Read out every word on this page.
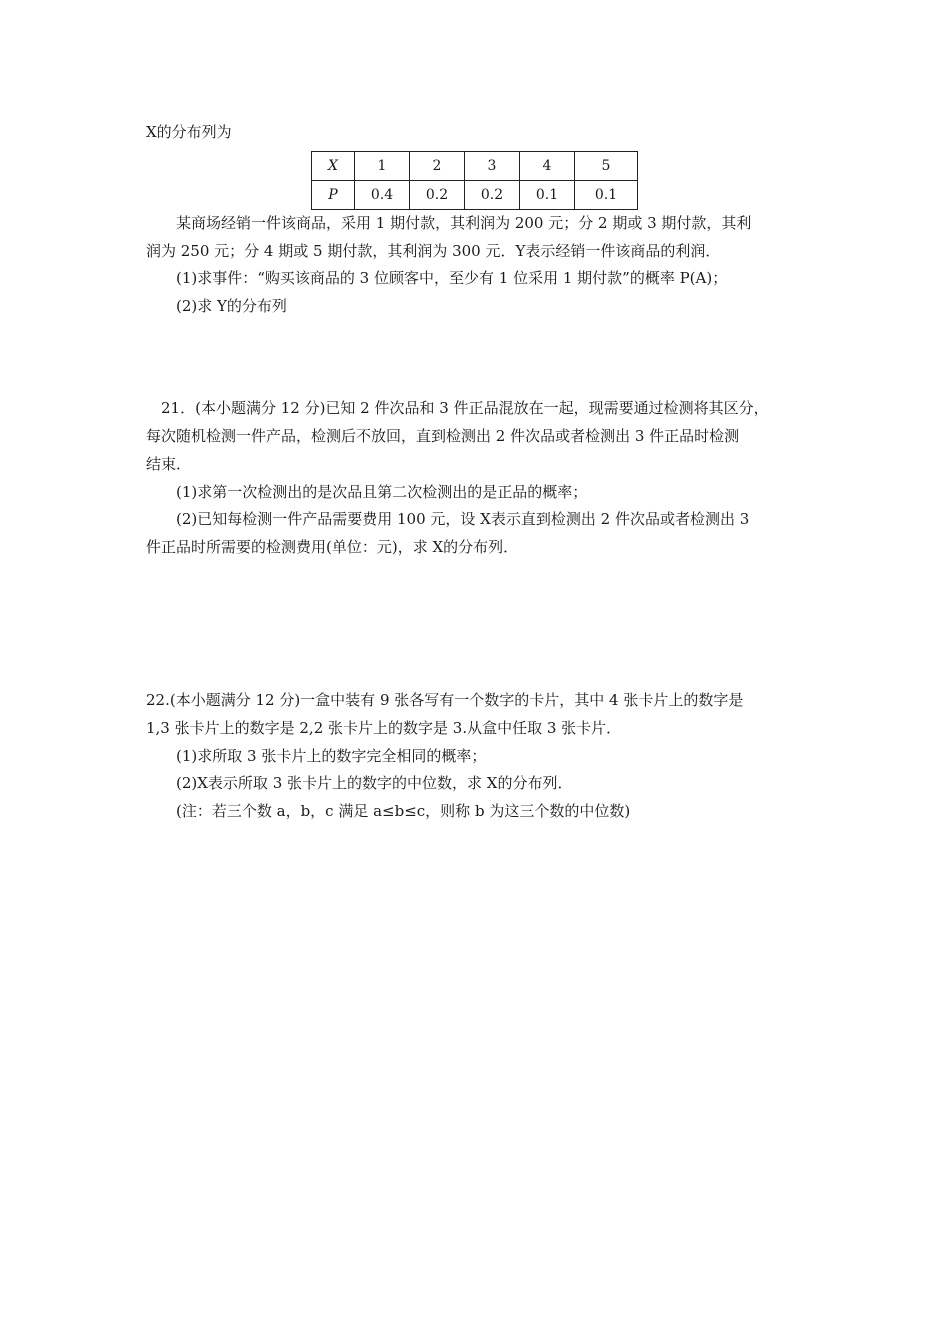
X的分布列为
X	1	2	3	4	5
P	0.4	0.2	0.2	0.1	0.1
某商场经销一件该商品，采用 1 期付款，其利润为 200 元；分 2 期或 3 期付款，其利
润为 250 元；分 4 期或 5 期付款，其利润为 300 元．Y表示经销一件该商品的利润．
(1)求事件：“购买该商品的 3 位顾客中，至少有 1 位采用 1 期付款”的概率 P(A)；
(2)求 Y的分布列
21．(本小题满分 12 分)已知 2 件次品和 3 件正品混放在一起，现需要通过检测将其区分，
每次随机检测一件产品，检测后不放回，直到检测出 2 件次品或者检测出 3 件正品时检测
结束．
(1)求第一次检测出的是次品且第二次检测出的是正品的概率；
(2)已知每检测一件产品需要费用 100 元，设 X表示直到检测出 2 件次品或者检测出 3
件正品时所需要的检测费用(单位：元)，求 X的分布列．
22.(本小题满分 12 分)一盒中装有 9 张各写有一个数字的卡片，其中 4 张卡片上的数字是
1,3 张卡片上的数字是 2,2 张卡片上的数字是 3.从盒中任取 3 张卡片．
(1)求所取 3 张卡片上的数字完全相同的概率；
(2)X表示所取 3 张卡片上的数字的中位数，求 X的分布列．
(注：若三个数 a，b，c 满足 a≤b≤c，则称 b 为这三个数的中位数)
